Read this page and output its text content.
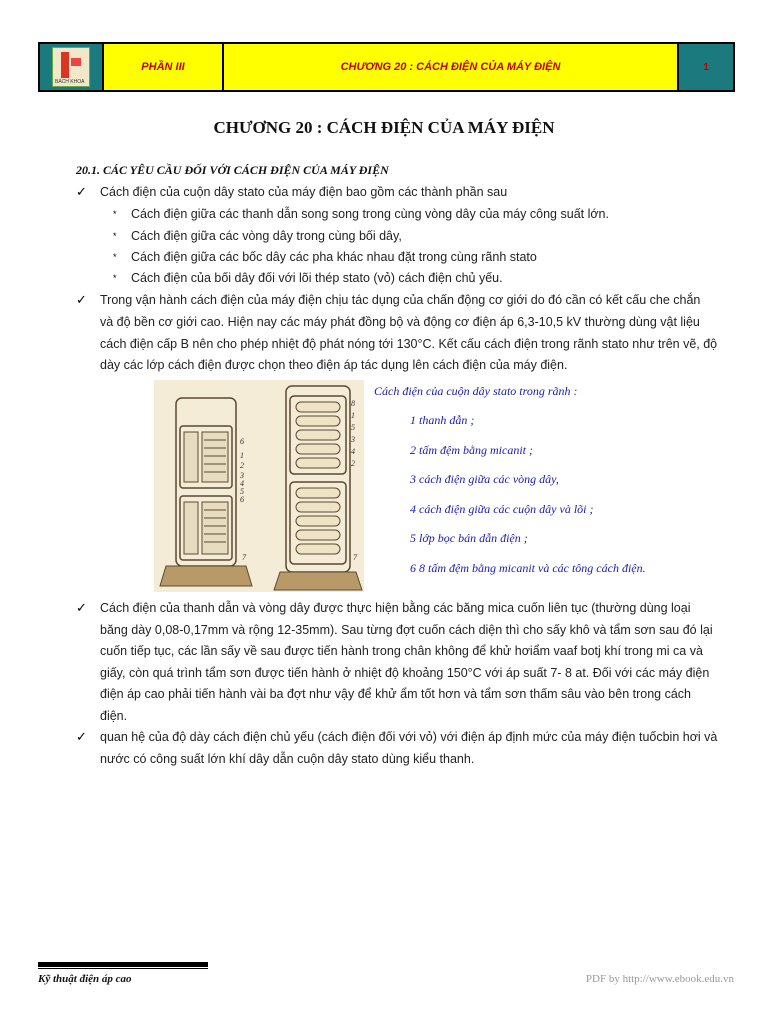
BÁCH KHOA
PHẦN III	CHƯƠNG 20 : CÁCH ĐIỆN CỦA MÁY ĐIỆN	1
CHƯƠNG 20 : CÁCH ĐIỆN CỦA MÁY ĐIỆN
20.1. CÁC YÊU CẦU ĐỐI VỚI CÁCH ĐIỆN CỦA MÁY ĐIỆN
✓ Cách điện của cuộn dây stato của máy điện bao gồm các thành phần sau
* Cách điện giữa các thanh dẫn song song trong cùng vòng dây của máy công suất lớn.
* Cách điện giữa các vòng dây trong cùng bối dây,
* Cách điện giữa các bốc dây các pha khác nhau đặt trong cùng rãnh stato
* Cách điện của bối dây đối với lõi thép stato (vỏ) cách điện chủ yếu.
✓ Trong vận hành cách điện của máy điện chịu tác dụng của chấn động cơ giới do đó cần có kết cấu che chắn
và độ bền cơ giới cao. Hiện nay các máy phát đồng bộ và động cơ điện áp 6,3-10,5 kV thường dùng vật liệu
cách điện cấp B nên cho phép nhiệt độ phát nóng tới 130°C. Kết cấu cách điện trong rãnh stato như trên vẽ, độ
dày các lớp cách điện được chọn theo điện áp tác dụng lên cách điện của máy điện.
6
1
2
3
4
5
6
7
8
1
5
3
4
2
7
Cách điện của cuộn dây stato trong rãnh :
1 thanh dẫn ;
2 tấm đệm bằng micanit ;
3 cách điện giữa các vòng dây,
4 cách điện giữa các cuộn dây và lõi ;
5 lớp bọc bán dẫn điện ;
6 8 tấm đệm bằng micanit và các tông cách điện.
✓ Cách điện của thanh dẫn và vòng dây được thực hiện bằng các băng mica cuốn liên tục (thường dùng loại
băng dày 0,08-0,17mm và rộng 12-35mm). Sau từng đợt cuốn cách diện thì cho sấy khô và tẩm sơn sau đó lại
cuốn tiếp tục, các lần sấy về sau được tiến hành trong chân không để khử hơiẩm vaaf botj khí trong mi ca và
giấy, còn quá trình tẩm sơn được tiến hành ở nhiệt độ khoảng 150°C với áp suất 7- 8 at. Đối với các máy điện
điện áp cao phải tiến hành vài ba đợt như vậy để khử ẩm tốt hơn và tẩm sơn thấm sâu vào bên trong cách
điện.
✓ quan hệ của độ dày cách điện chủ yếu (cách điện đối với vỏ) với điện áp định mức của máy điện tuốcbin hơi và
nước có công suất lớn khí dây dẫn cuộn dây stato dùng kiểu thanh.
Kỹ thuật điện áp cao	PDF by http://www.ebook.edu.vn
